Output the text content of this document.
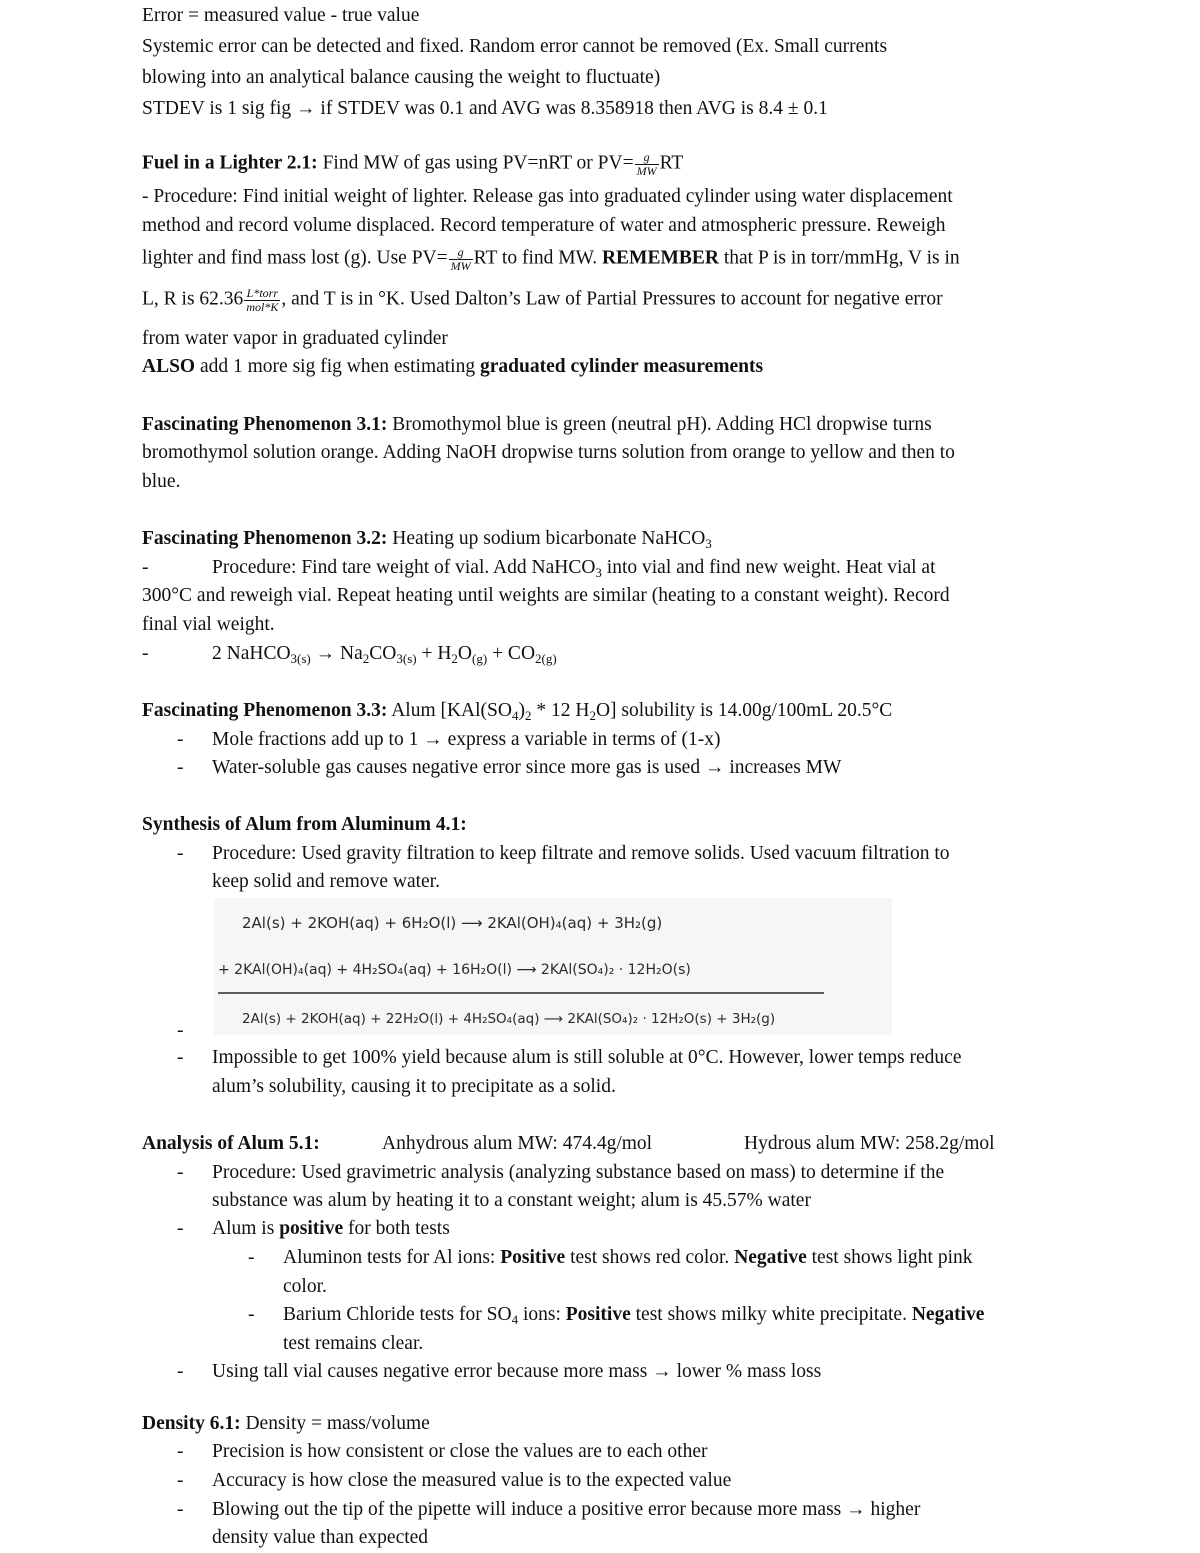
Error = measured value - true value
Systemic error can be detected and fixed. Random error cannot be removed (Ex. Small currents
blowing into an analytical balance causing the weight to fluctuate)
STDEV is 1 sig fig → if STDEV was 0.1 and AVG was 8.358918 then AVG is 8.4 ± 0.1
Fuel in a Lighter 2.1: Find MW of gas using PV=nRT or $PV= \frac{g}{MW}$ RT
- Procedure: Find initial weight of lighter. Release gas into graduated cylinder using water displacement
method and record volume displaced. Record temperature of water and atmospheric pressure. Reweigh
lighter and find mass lost (g). Use $PV= \frac{g}{MW}$ RT to find MW. REMEMBER that P is in torr/mmHg, V is in
L, R is $62.36 \frac{\text{L*torr}}{\text{mol*K}}$ , and T is in °K. Used Dalton’s Law of Partial Pressures to account for negative error
from water vapor in graduated cylinder
ALSO add 1 more sig fig when estimating graduated cylinder measurements
Fascinating Phenomenon 3.1: Bromothymol blue is green (neutral pH). Adding HCl dropwise turns
bromothymol solution orange. Adding NaOH dropwise turns solution from orange to yellow and then to
blue.
Fascinating Phenomenon 3.2: Heating up sodium bicarbonate NaHCO$_3$
-	Procedure: Find tare weight of vial. Add NaHCO$_3$ into vial and find new weight. Heat vial at
300°C and reweigh vial. Repeat heating until weights are similar (heating to a constant weight). Record
final vial weight.
-	2 NaHCO$_{3(s)}$ → $Na_2CO_{3(s)} + H_2O_{(g)} + CO_{2(g)}$
Fascinating Phenomenon 3.3: Alum [$KAl(SO_4)_2 * 12$ $H_2O$] solubility is 14.00g/100mL 20.5°C
- Mole fractions add up to 1 → express a variable in terms of (1-x)
- Water-soluble gas causes negative error since more gas is used → increases MW
Synthesis of Alum from Aluminum 4.1:
- Procedure: Used gravity filtration to keep filtrate and remove solids. Used vacuum filtration to
keep solid and remove water.
2Al(s) + 2KOH(aq) + 6H₂O(l) ⟶ 2KAl(OH)₄(aq) + 3H₂(g)
+ 2KAl(OH)₄(aq) + 4H₂SO₄(aq) + 16H₂O(l) ⟶ 2KAl(SO₄)₂ · 12H₂O(s)
2Al(s) + 2KOH(aq) + 22H₂O(l) + 4H₂SO₄(aq) ⟶ 2KAl(SO₄)₂ · 12H₂O(s) + 3H₂(g)
-
- Impossible to get 100% yield because alum is still soluble at 0°C. However, lower temps reduce
alum’s solubility, causing it to precipitate as a solid.
Analysis of Alum 5.1:	Anhydrous alum MW: 474.4g/mol	Hydrous alum MW: 258.2g/mol
- Procedure: Used gravimetric analysis (analyzing substance based on mass) to determine if the
substance was alum by heating it to a constant weight; alum is 45.57% water
- Alum is positive for both tests
- Aluminon tests for Al ions: Positive test shows red color. Negative test shows light pink
color.
- Barium Chloride tests for $SO_4$ ions: Positive test shows milky white precipitate. Negative
test remains clear.
- Using tall vial causes negative error because more mass → lower % mass loss
Density 6.1: Density = mass/volume
- Precision is how consistent or close the values are to each other
- Accuracy is how close the measured value is to the expected value
- Blowing out the tip of the pipette will induce a positive error because more mass → higher
density value than expected
